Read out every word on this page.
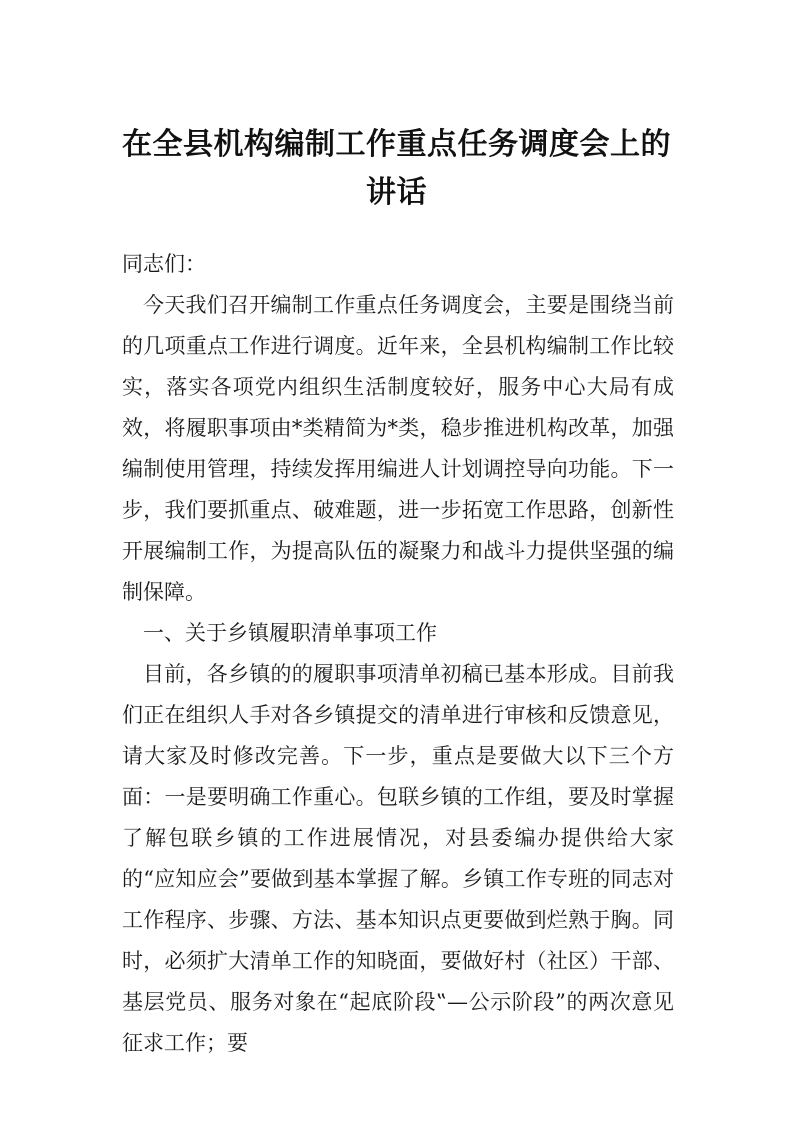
在全县机构编制工作重点任务调度会上的
讲话

同志们：

今天我们召开编制工作重点任务调度会，主要是围绕当前的几项重点工作进行调度。近年来，全县机构编制工作比较实，落实各项党内组织生活制度较好，服务中心大局有成效，将履职事项由*类精简为*类，稳步推进机构改革，加强编制使用管理，持续发挥用编进人计划调控导向功能。下一步，我们要抓重点、破难题，进一步拓宽工作思路，创新性开展编制工作，为提高队伍的凝聚力和战斗力提供坚强的编制保障。

一、关于乡镇履职清单事项工作

目前，各乡镇的的履职事项清单初稿已基本形成。目前我们正在组织人手对各乡镇提交的清单进行审核和反馈意见，请大家及时修改完善。下一步，重点是要做大以下三个方面：一是要明确工作重心。包联乡镇的工作组，要及时掌握了解包联乡镇的工作进展情况，对县委编办提供给大家的“应知应会”要做到基本掌握了解。乡镇工作专班的同志对工作程序、步骤、方法、基本知识点更要做到烂熟于胸。同时，必须扩大清单工作的知晓面，要做好村（社区）干部、基层党员、服务对象在“起底阶段‟—公示阶段”的两次意见征求工作；要
